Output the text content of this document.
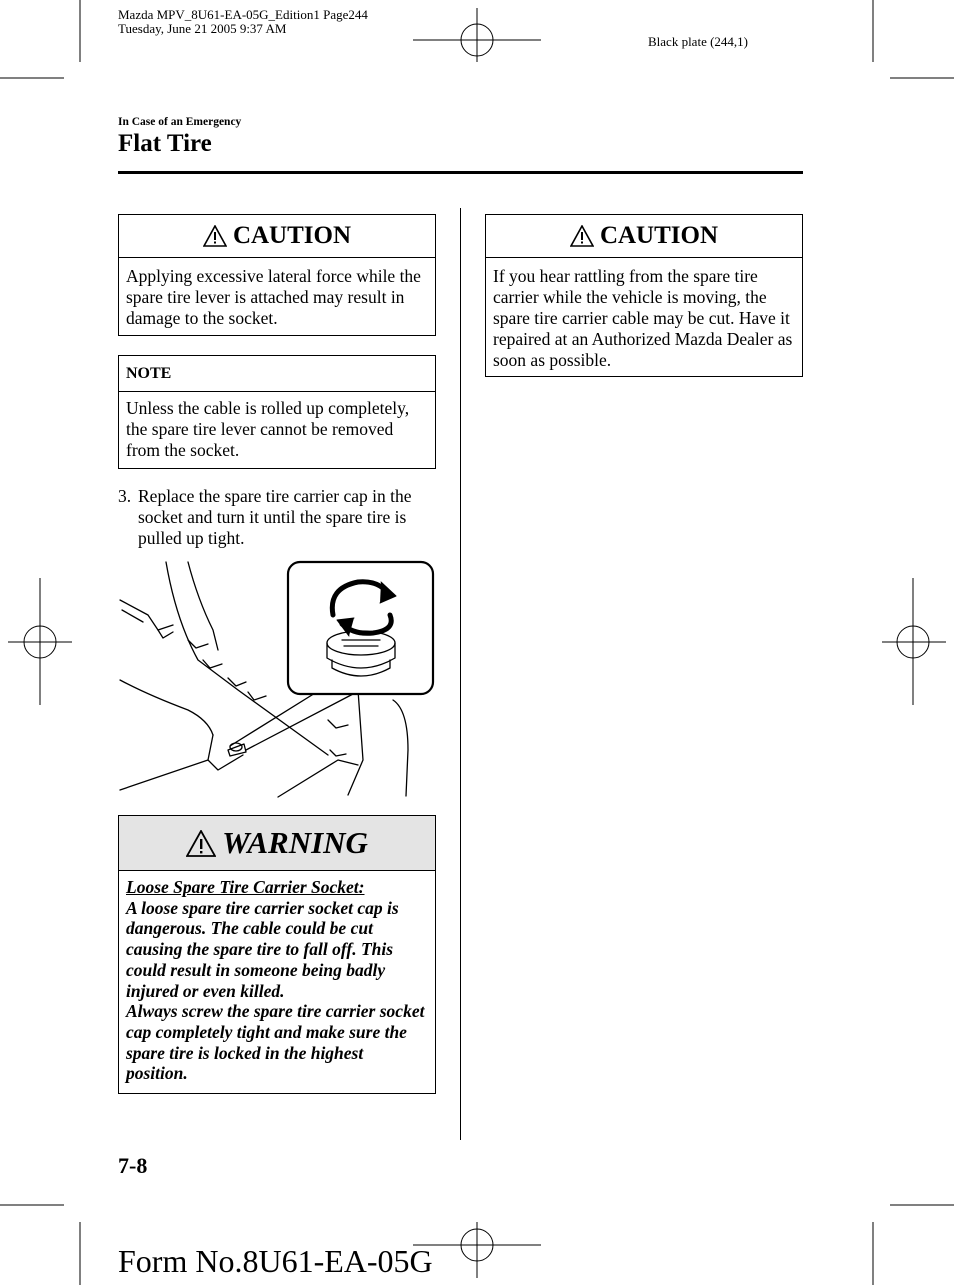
Mazda MPV_8U61-EA-05G_Edition1 Page244
Tuesday, June 21 2005 9:37 AM
Black plate (244,1)
In Case of an Emergency
Flat Tire
CAUTION
Applying excessive lateral force while the spare tire lever is attached may result in damage to the socket.
NOTE
Unless the cable is rolled up completely, the spare tire lever cannot be removed from the socket.
3. Replace the spare tire carrier cap in the socket and turn it until the spare tire is pulled up tight.
WARNING
Loose Spare Tire Carrier Socket:
A loose spare tire carrier socket cap is dangerous. The cable could be cut causing the spare tire to fall off. This could result in someone being badly injured or even killed.
Always screw the spare tire carrier socket cap completely tight and make sure the spare tire is locked in the highest position.
CAUTION
If you hear rattling from the spare tire carrier while the vehicle is moving, the spare tire carrier cable may be cut. Have it repaired at an Authorized Mazda Dealer as soon as possible.
7-8
Form No.8U61-EA-05G
